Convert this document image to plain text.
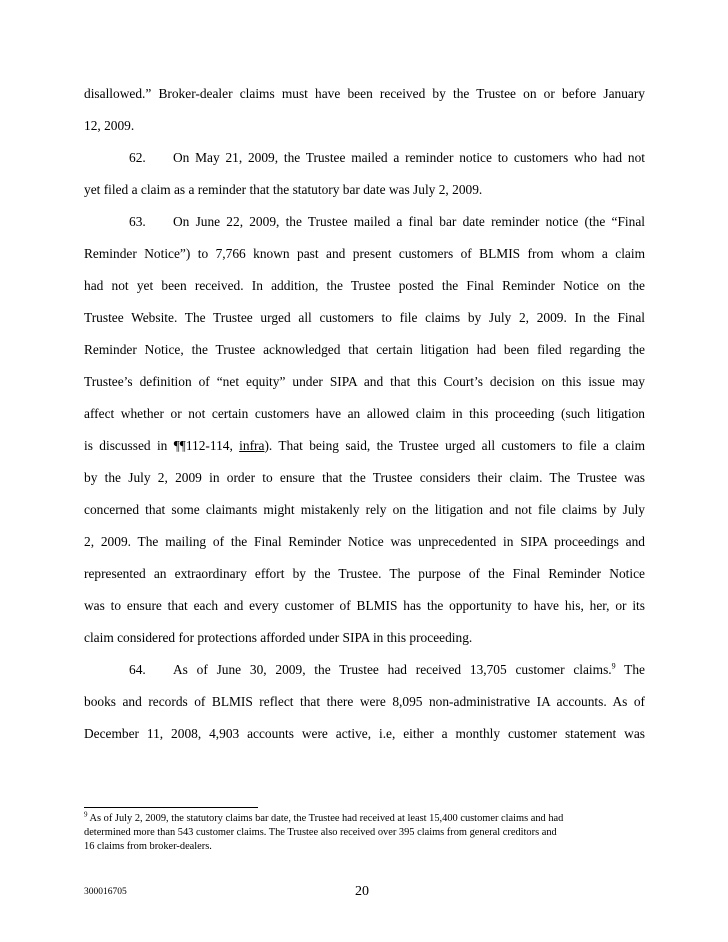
disallowed.” Broker-dealer claims must have been received by the Trustee on or before January
12, 2009.
62. On May 21, 2009, the Trustee mailed a reminder notice to customers who had not
yet filed a claim as a reminder that the statutory bar date was July 2, 2009.
63. On June 22, 2009, the Trustee mailed a final bar date reminder notice (the “Final
Reminder Notice”) to 7,766 known past and present customers of BLMIS from whom a claim
had not yet been received. In addition, the Trustee posted the Final Reminder Notice on the
Trustee Website. The Trustee urged all customers to file claims by July 2, 2009. In the Final
Reminder Notice, the Trustee acknowledged that certain litigation had been filed regarding the
Trustee’s definition of “net equity” under SIPA and that this Court’s decision on this issue may
affect whether or not certain customers have an allowed claim in this proceeding (such litigation
is discussed in ¶¶112-114, infra). That being said, the Trustee urged all customers to file a claim
by the July 2, 2009 in order to ensure that the Trustee considers their claim. The Trustee was
concerned that some claimants might mistakenly rely on the litigation and not file claims by July
2, 2009. The mailing of the Final Reminder Notice was unprecedented in SIPA proceedings and
represented an extraordinary effort by the Trustee. The purpose of the Final Reminder Notice
was to ensure that each and every customer of BLMIS has the opportunity to have his, her, or its
claim considered for protections afforded under SIPA in this proceeding.
64. As of June 30, 2009, the Trustee had received 13,705 customer claims.$^9$ The
books and records of BLMIS reflect that there were 8,095 non-administrative IA accounts. As of
December 11, 2008, 4,903 accounts were active, i.e, either a monthly customer statement was
$^9$ As of July 2, 2009, the statutory claims bar date, the Trustee had received at least 15,400 customer claims and had
determined more than 543 customer claims. The Trustee also received over 395 claims from general creditors and
16 claims from broker-dealers.
300016705	20
